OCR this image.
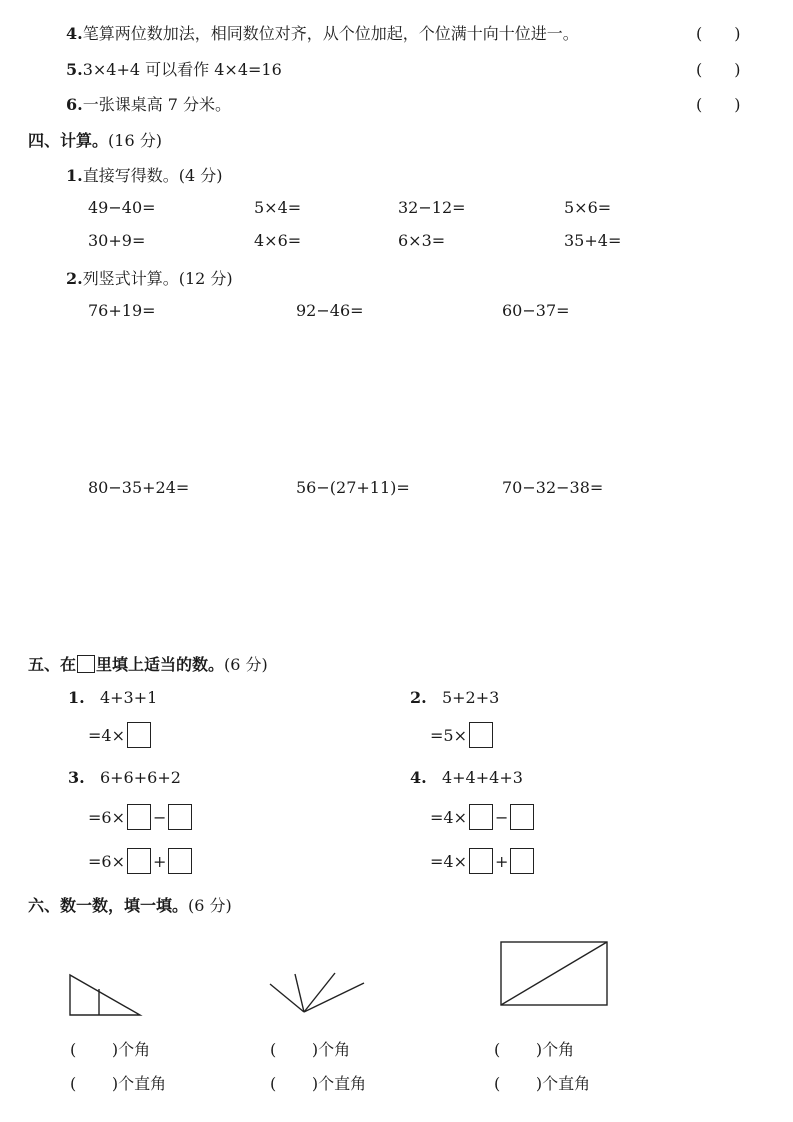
4.笔算两位数加法，相同数位对齐，从个位加起，个位满十向十位进一。	(　　)
5.3×4+4 可以看作 4×4=16	(　　)
6.一张课桌高 7 分米。	(　　)
四、计算。(16 分)
1.直接写得数。(4 分)
49−40=	5×4=	32−12=	5×6=
30+9=	4×6=	6×3=	35+4=
2.列竖式计算。(12 分)
76+19=	92−46=	60−37=
80−35+24=	56−(27+11)=	70−32−38=
五、在 里填上适当的数。 (6 分)
1. 4+3+1
=4×
2. 5+2+3
=5×
3. 6+6+6+2
=6× −
=6× +
4. 4+4+4+3
=4× −
=4× +
六、数一数，填一填。(6 分)
( )个角
( )个直角
( )个角
( )个直角
( )个角
( )个直角
